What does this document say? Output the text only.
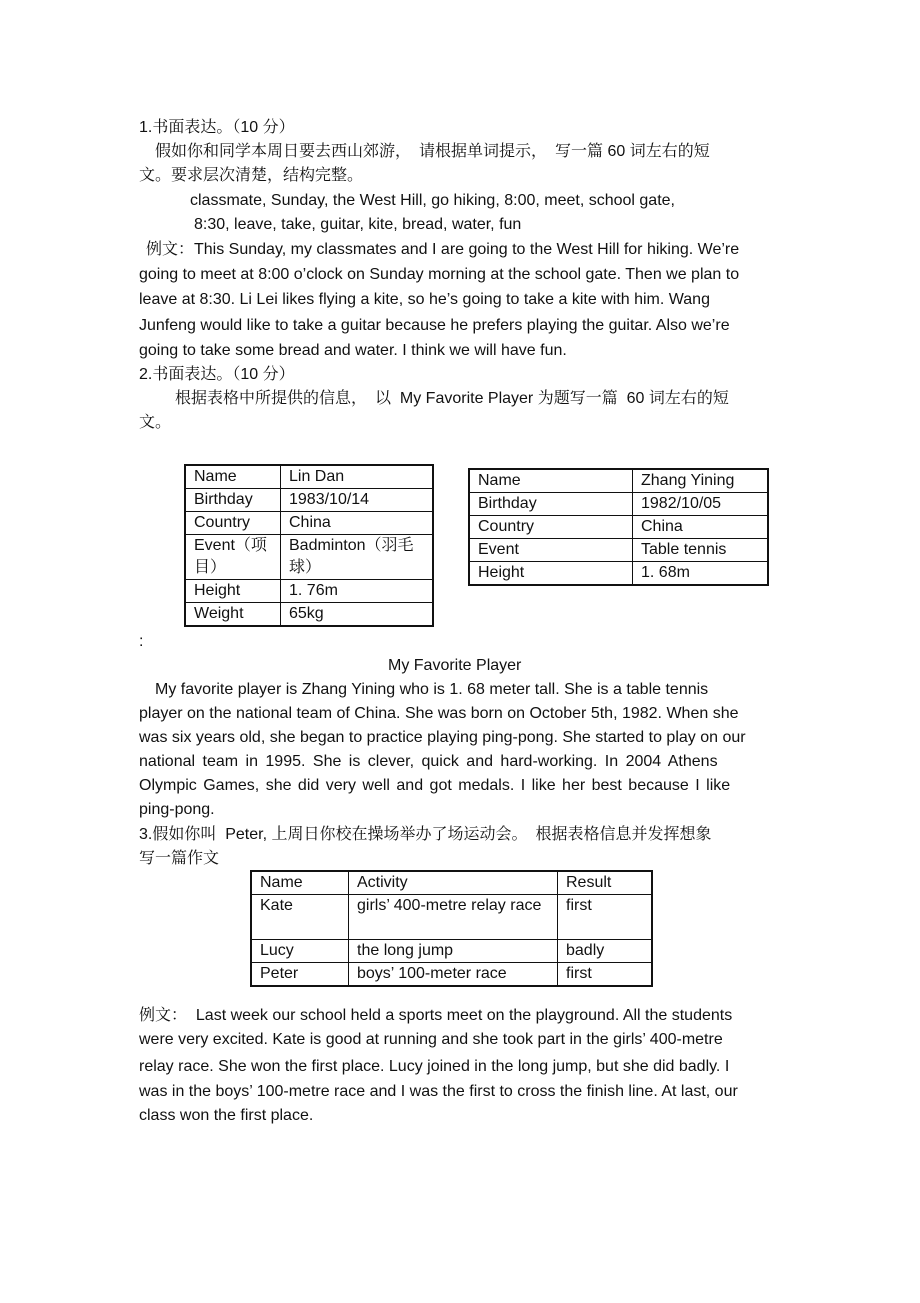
1.书面表达。（10 分）
　假如你和同学本周日要去西山郊游，　请根据单词提示，　写一篇 60 词左右的短
文。要求层次清楚，结构完整。
classmate, Sunday, the West Hill, go hiking, 8:00, meet, school gate,
8:30, leave, take, guitar, kite, bread, water, fun
例文：This Sunday, my classmates and I are going to the West Hill for hiking. We’re
going to meet at 8:00 o’clock on Sunday morning at the school gate. Then we plan to
leave at 8:30. Li Lei likes flying a kite, so he’s going to take a kite with him. Wang
Junfeng would like to take a guitar because he prefers playing the guitar. Also we’re
going to take some bread and water. I think we will have fun.
2.书面表达。（10 分）
　根据表格中所提供的信息，　以  My Favorite Player 为题写一篇  60 词左右的短
文。
Name	Lin Dan
Birthday	1983/10/14
Country	China
Event（项目）	Badminton（羽毛球）
Height	1. 76m
Weight	65kg
Name	Zhang Yining
Birthday	1982/10/05
Country	China
Event	Table tennis
Height	1. 68m
:
My Favorite Player
　My favorite player is Zhang Yining who is 1. 68 meter tall. She is a table tennis
player on the national team of China. She was born on October 5th, 1982. When she
was six years old, she began to practice playing ping-pong. She started to play on our
national team in 1995. She is clever, quick and hard-working. In 2004 Athens
Olympic Games, she did very well and got medals. I like her best because I like
ping-pong.
3.假如你叫  Peter, 上周日你校在操场举办了场运动会。　根据表格信息并发挥想象
写一篇作文
Name	Activity	Result
Kate	girls’ 400-metre relay race	first
Lucy	the long jump	badly
Peter	boys’ 100-meter race	first
例文：  Last week our school held a sports meet on the playground. All the students
were very excited. Kate is good at running and she took part in the girls’ 400-metre
relay race. She won the first place. Lucy joined in the long jump, but she did badly. I
was in the boys’ 100-metre race and I was the first to cross the finish line. At last, our
class won the first place.
